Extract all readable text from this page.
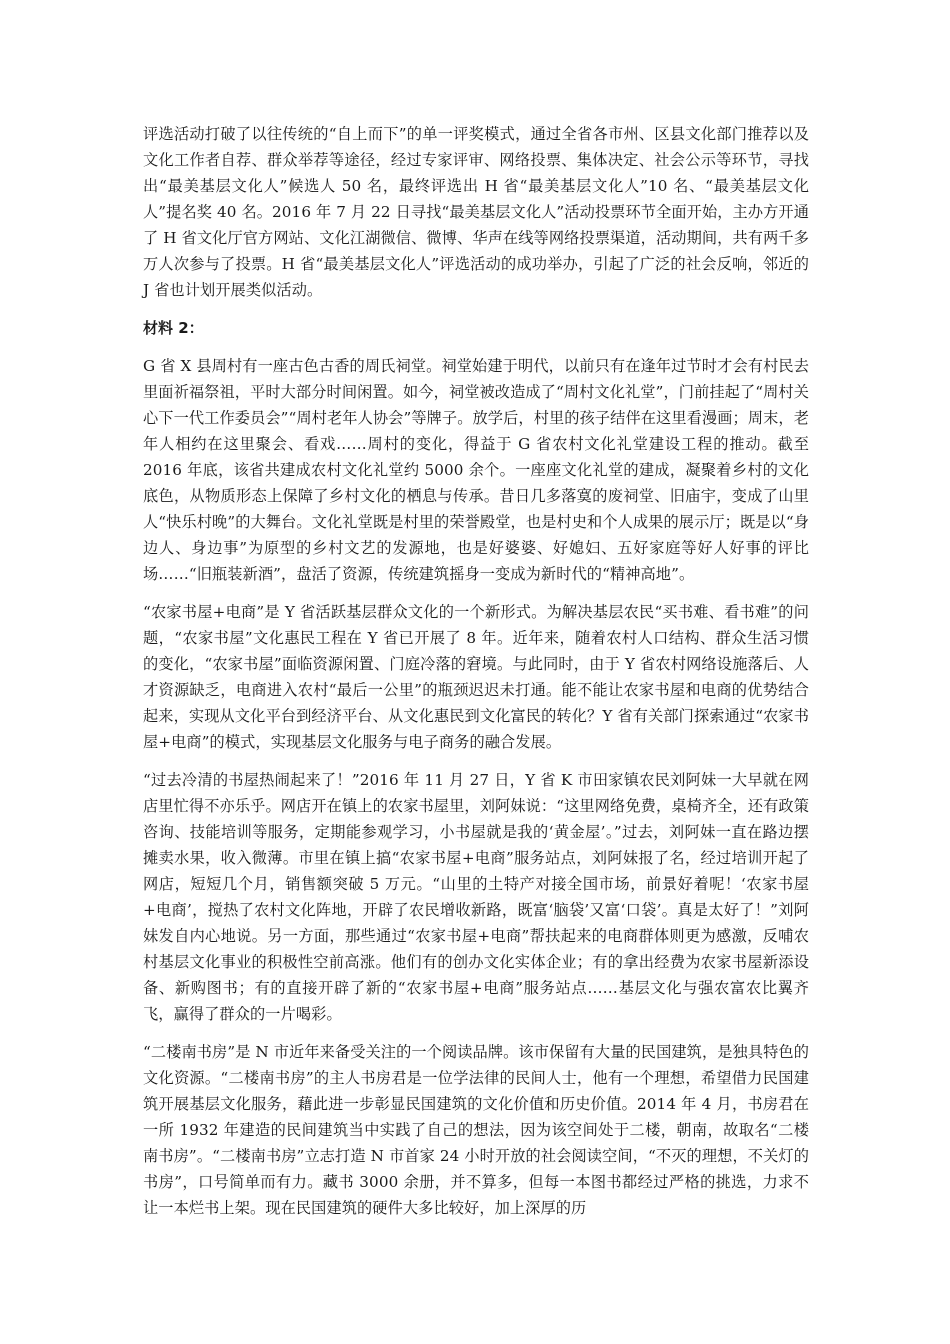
评选活动打破了以往传统的“自上而下”的单一评奖模式，通过全省各市州、区县文化部门推荐以及文化工作者自荐、群众举荐等途径，经过专家评审、网络投票、集体决定、社会公示等环节，寻找出“最美基层文化人”候选人 50 名，最终评选出 H 省“最美基层文化人”10 名、“最美基层文化人”提名奖 40 名。2016 年 7 月 22 日寻找“最美基层文化人”活动投票环节全面开始，主办方开通了 H 省文化厅官方网站、文化江湖微信、微博、华声在线等网络投票渠道，活动期间，共有两千多万人次参与了投票。H 省“最美基层文化人”评选活动的成功举办，引起了广泛的社会反响，邻近的 J 省也计划开展类似活动。

材料 2：

G 省 X 县周村有一座古色古香的周氏祠堂。祠堂始建于明代，以前只有在逢年过节时才会有村民去里面祈福祭祖，平时大部分时间闲置。如今，祠堂被改造成了“周村文化礼堂”，门前挂起了“周村关心下一代工作委员会”“周村老年人协会”等牌子。放学后，村里的孩子结伴在这里看漫画；周末，老年人相约在这里聚会、看戏……周村的变化，得益于 G 省农村文化礼堂建设工程的推动。截至 2016 年底，该省共建成农村文化礼堂约 5000 余个。一座座文化礼堂的建成，凝聚着乡村的文化底色，从物质形态上保障了乡村文化的栖息与传承。昔日几多落寞的废祠堂、旧庙宇，变成了山里人“快乐村晚”的大舞台。文化礼堂既是村里的荣誉殿堂，也是村史和个人成果的展示厅；既是以“身边人、身边事”为原型的乡村文艺的发源地，也是好婆婆、好媳妇、五好家庭等好人好事的评比场……“旧瓶装新酒”，盘活了资源，传统建筑摇身一变成为新时代的“精神高地”。

“农家书屋+电商”是 Y 省活跃基层群众文化的一个新形式。为解决基层农民“买书难、看书难”的问题，“农家书屋”文化惠民工程在 Y 省已开展了 8 年。近年来，随着农村人口结构、群众生活习惯的变化，“农家书屋”面临资源闲置、门庭冷落的窘境。与此同时，由于 Y 省农村网络设施落后、人才资源缺乏，电商进入农村“最后一公里”的瓶颈迟迟未打通。能不能让农家书屋和电商的优势结合起来，实现从文化平台到经济平台、从文化惠民到文化富民的转化？Y 省有关部门探索通过“农家书屋+电商”的模式，实现基层文化服务与电子商务的融合发展。

“过去冷清的书屋热闹起来了！”2016 年 11 月 27 日，Y 省 K 市田家镇农民刘阿妹一大早就在网店里忙得不亦乐乎。网店开在镇上的农家书屋里，刘阿妹说：“这里网络免费，桌椅齐全，还有政策咨询、技能培训等服务，定期能参观学习，小书屋就是我的‘黄金屋’。”过去，刘阿妹一直在路边摆摊卖水果，收入微薄。市里在镇上搞“农家书屋+电商”服务站点，刘阿妹报了名，经过培训开起了网店，短短几个月，销售额突破 5 万元。“山里的土特产对接全国市场，前景好着呢！‘农家书屋+电商’，搅热了农村文化阵地，开辟了农民增收新路，既富‘脑袋’又富‘口袋’。真是太好了！”刘阿妹发自内心地说。另一方面，那些通过“农家书屋+电商”帮扶起来的电商群体则更为感激，反哺农村基层文化事业的积极性空前高涨。他们有的创办文化实体企业；有的拿出经费为农家书屋新添设备、新购图书；有的直接开辟了新的“农家书屋+电商”服务站点……基层文化与强农富农比翼齐飞，赢得了群众的一片喝彩。

“二楼南书房”是 N 市近年来备受关注的一个阅读品牌。该市保留有大量的民国建筑，是独具特色的文化资源。“二楼南书房”的主人书房君是一位学法律的民间人士，他有一个理想，希望借力民国建筑开展基层文化服务，藉此进一步彰显民国建筑的文化价值和历史价值。2014 年 4 月，书房君在一所 1932 年建造的民间建筑当中实践了自己的想法，因为该空间处于二楼，朝南，故取名“二楼南书房”。“二楼南书房”立志打造 N 市首家 24 小时开放的社会阅读空间，“不灭的理想，不关灯的书房”，口号简单而有力。藏书 3000 余册，并不算多，但每一本图书都经过严格的挑选，力求不让一本烂书上架。现在民国建筑的硬件大多比较好，加上深厚的历
